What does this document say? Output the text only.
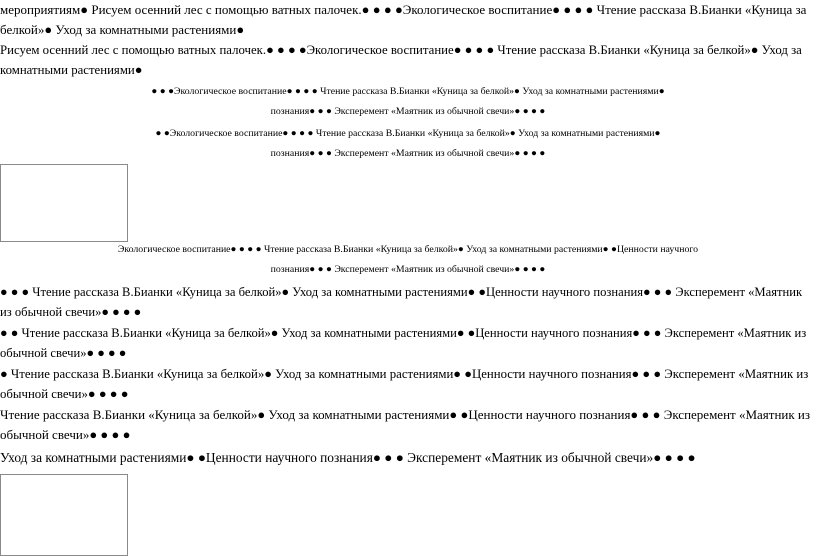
мероприятиям● Рисуем осенний лес с помощью ватных палочек.● ● ● ●Экологическое воспитание● ● ● ● Чтение рассказа В.Бианки «Куница за
белкой»● Уход за комнатными растениями●

Рисуем осенний лес с помощью ватных палочек.● ● ● ●Экологическое воспитание● ● ● ● Чтение рассказа В.Бианки «Куница за белкой»● Уход за
комнатными растениями●

● ● ●Экологическое воспитание● ● ● ● Чтение рассказа В.Бианки «Куница за белкой»● Уход за комнатными растениями●
познания● ● ● Эксперемент «Маятник из обычной свечи»● ● ● ●

● ●Экологическое воспитание● ● ● ● Чтение рассказа В.Бианки «Куница за белкой»● Уход за комнатными растениями●
познания● ● ● Эксперемент «Маятник из обычной свечи»● ● ● ●

Экологическое воспитание● ● ● ● Чтение рассказа В.Бианки «Куница за белкой»● Уход за комнатными растениями● ●Ценности научного
познания● ● ● Эксперемент «Маятник из обычной свечи»● ● ● ●

● ● ● Чтение рассказа В.Бианки «Куница за белкой»● Уход за комнатными растениями● ●Ценности научного познания● ● ● Эксперемент «Маятник
из обычной свечи»● ● ● ●

● ● Чтение рассказа В.Бианки «Куница за белкой»● Уход за комнатными растениями● ●Ценности научного познания● ● ● Эксперемент «Маятник из
обычной свечи»● ● ● ●

● Чтение рассказа В.Бианки «Куница за белкой»● Уход за комнатными растениями● ●Ценности научного познания● ● ● Эксперемент «Маятник из
обычной свечи»● ● ● ●

Чтение рассказа В.Бианки «Куница за белкой»● Уход за комнатными растениями● ●Ценности научного познания● ● ● Эксперемент «Маятник из
обычной свечи»● ● ● ●

Уход за комнатными растениями● ●Ценности научного познания● ● ● Эксперемент «Маятник из обычной свечи»● ● ● ●
